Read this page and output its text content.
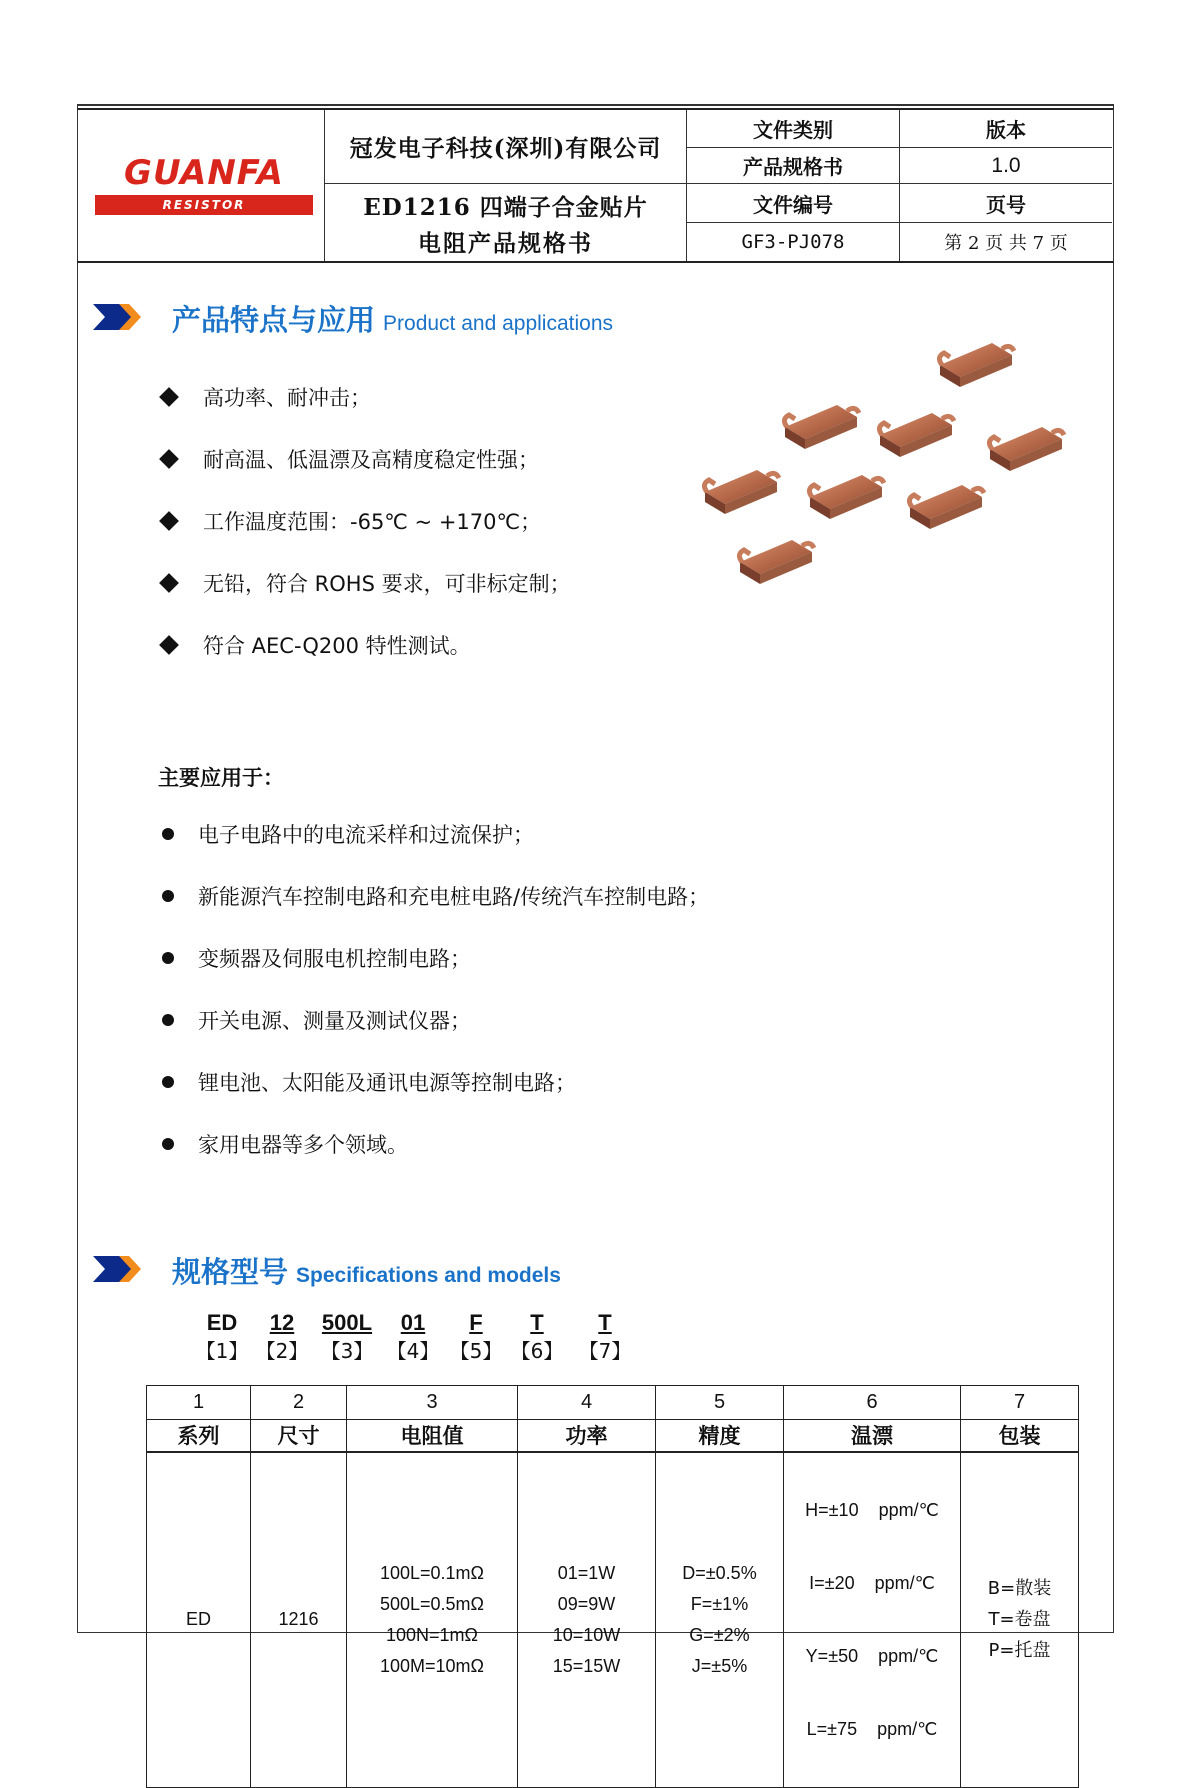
GUANFA
RESISTOR
冠发电子科技(深圳)有限公司
ED1216 四端子合金贴片
电阻产品规格书
文件类别	版本
产品规格书	1.0
文件编号	页号
GF3-PJ078	第 2 页 共 7 页
产品特点与应用 Product and applications
高功率、耐冲击；
耐高温、低温漂及高精度稳定性强；
工作温度范围：-65℃ ~ +170℃；
无铅，符合 ROHS 要求，可非标定制；
符合 AEC-Q200 特性测试。
主要应用于：
电子电路中的电流采样和过流保护；
新能源汽车控制电路和充电桩电路/传统汽车控制电路；
变频器及伺服电机控制电路；
开关电源、测量及测试仪器；
锂电池、太阳能及通讯电源等控制电路；
家用电器等多个领域。
规格型号 Specifications and models
ED	12	500L	01	F	T	T
【1】 【2】 【3】 【4】 【5】 【6】 【7】
1	2	3	4	5	6	7
系列	尺寸	电阻值	功率	精度	温漂	包装
ED	1216	100L=0.1mΩ
500L=0.5mΩ
100N=1mΩ
100M=10mΩ	01=1W
09=9W
10=10W
15=15W	D=±0.5%
F=±1%
G=±2%
J=±5%	H=±10    ppm/℃

I=±20    ppm/℃

Y=±50    ppm/℃

L=±75    ppm/℃	B=散装
T=卷盘
P=托盘
